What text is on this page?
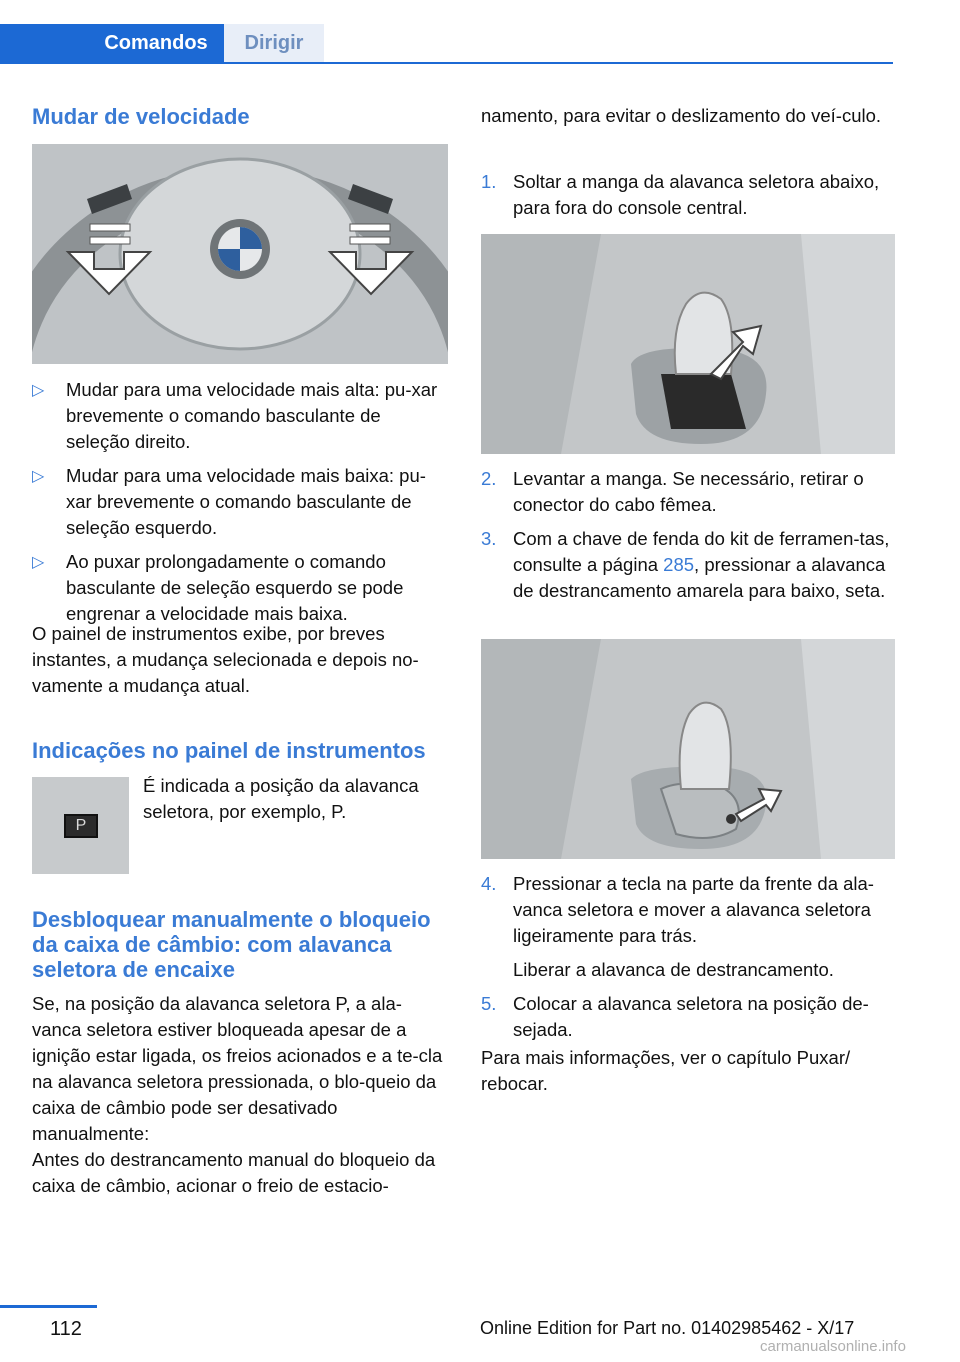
Comandos	Dirigir
Mudar de velocidade
▷ Mudar para uma velocidade mais alta: pu‐xar brevemente o comando basculante de seleção direito.
▷ Mudar para uma velocidade mais baixa: pu‐xar brevemente o comando basculante de seleção esquerdo.
▷ Ao puxar prolongadamente o comando basculante de seleção esquerdo se pode engrenar a velocidade mais baixa.

O painel de instrumentos exibe, por breves instantes, a mudança selecionada e depois no‐vamente a mudança atual.

Indicações no painel de instrumentos
P

É indicada a posição da alavanca seletora, por exemplo, P.

Desbloquear manualmente o bloqueio da caixa de câmbio: com alavanca seletora de encaixe

Se, na posição da alavanca seletora P, a ala‐vanca seletora estiver bloqueada apesar de a ignição estar ligada, os freios acionados e a te‐cla na alavanca seletora pressionada, o blo‐queio da caixa de câmbio pode ser desativado manualmente:

Antes do destrancamento manual do bloqueio da caixa de câmbio, acionar o freio de estacio‐

namento, para evitar o deslizamento do veí‐culo.

1. Soltar a manga da alavanca seletora abaixo, para fora do console central.
2. Levantar a manga. Se necessário, retirar o conector do cabo fêmea.
3. Com a chave de fenda do kit de ferramen‐tas, consulte a página 285, pressionar a alavanca de destrancamento amarela para baixo, seta.
4. Pressionar a tecla na parte da frente da ala‐vanca seletora e mover a alavanca seletora ligeiramente para trás.
Liberar a alavanca de destrancamento.
5. Colocar a alavanca seletora na posição de‐sejada.

Para mais informações, ver o capítulo Puxar/ rebocar.

112	Online Edition for Part no. 01402985462 - X/17
carmanualsonline.info
